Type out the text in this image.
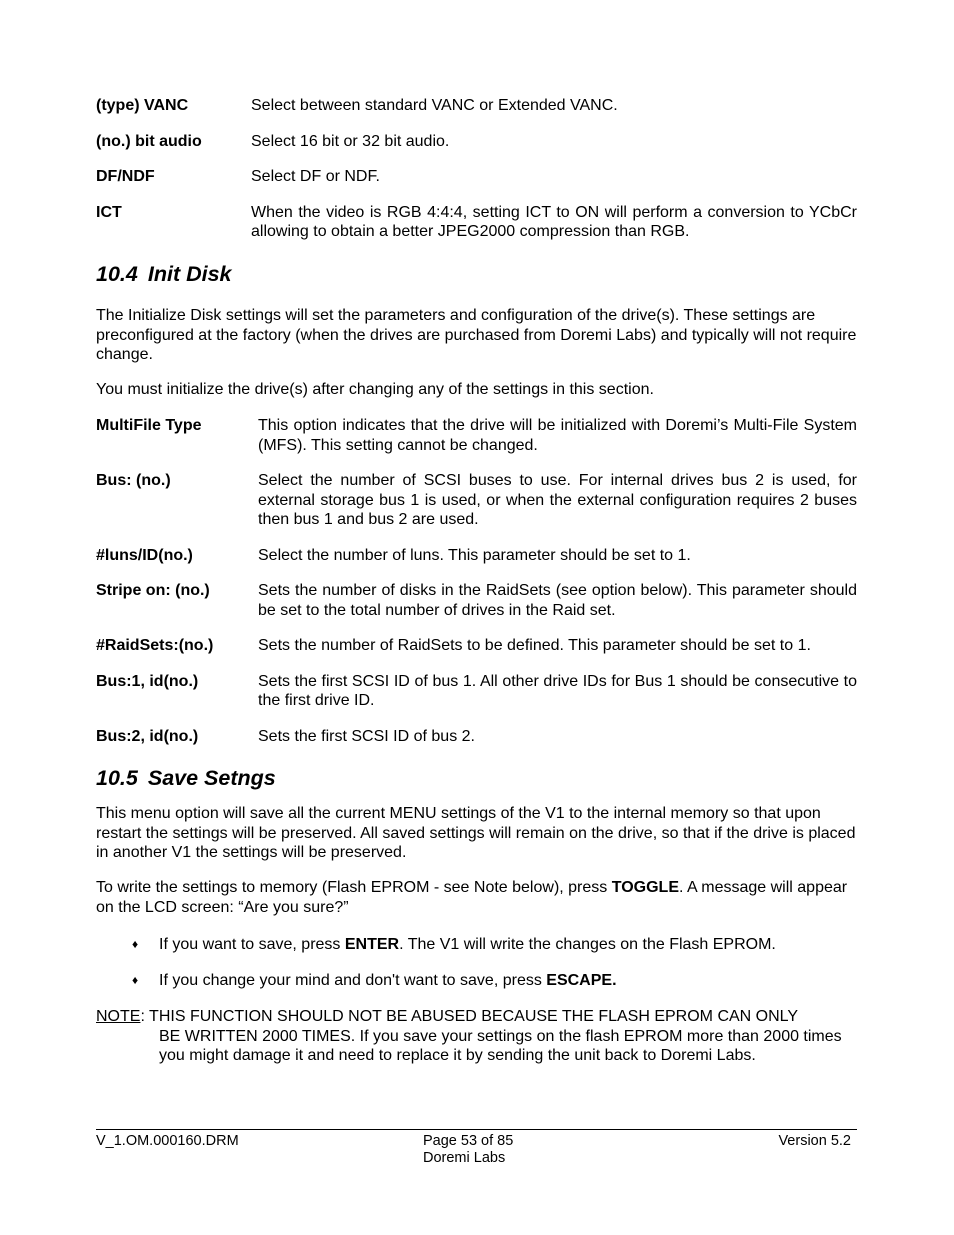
(type) VANC	Select between standard VANC or Extended VANC.
(no.) bit audio	Select 16 bit or 32 bit audio.
DF/NDF	Select DF or NDF.
ICT	When the video is RGB 4:4:4, setting ICT to ON will perform a conversion to YCbCr allowing to obtain a better JPEG2000 compression than RGB.
10.4 Init Disk

The Initialize Disk settings will set the parameters and configuration of the drive(s). These settings are preconfigured at the factory (when the drives are purchased from Doremi Labs) and typically will not require change.

You must initialize the drive(s) after changing any of the settings in this section.

MultiFile Type	This option indicates that the drive will be initialized with Doremi’s Multi-File System (MFS). This setting cannot be changed.
Bus: (no.)	Select the number of SCSI buses to use. For internal drives bus 2 is used, for external storage bus 1 is used, or when the external configuration requires 2 buses then bus 1 and bus 2 are used.
#luns/ID(no.)	Select the number of luns. This parameter should be set to 1.
Stripe on: (no.)	Sets the number of disks in the RaidSets (see option below). This parameter should be set to the total number of drives in the Raid set.
#RaidSets:(no.)	Sets the number of RaidSets to be defined. This parameter should be set to 1.
Bus:1, id(no.)	Sets the first SCSI ID of bus 1. All other drive IDs for Bus 1 should be consecutive to the first drive ID.
Bus:2, id(no.)	Sets the first SCSI ID of bus 2.
10.5 Save Setngs

This menu option will save all the current MENU settings of the V1 to the internal memory so that upon restart the settings will be preserved. All saved settings will remain on the drive, so that if the drive is placed in another V1 the settings will be preserved.

To write the settings to memory (Flash EPROM - see Note below), press TOGGLE. A message will appear on the LCD screen: “Are you sure?”

♦	If you want to save, press ENTER. The V1 will write the changes on the Flash EPROM.
♦	If you change your mind and don't want to save, press ESCAPE.
NOTE: THIS FUNCTION SHOULD NOT BE ABUSED BECAUSE THE FLASH EPROM CAN ONLY
BE WRITTEN 2000 TIMES. If you save your settings on the flash EPROM more than 2000 times you might damage it and need to replace it by sending the unit back to Doremi Labs.
V_1.OM.000160.DRM	Page 53 of 85
Doremi Labs
Version 5.2
